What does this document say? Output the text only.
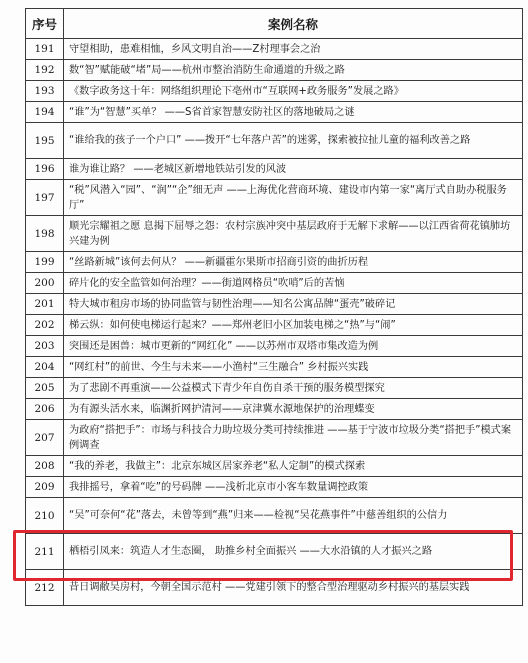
序号	案例名称
191	守望相助，患难相恤，乡风文明自治——Z村理事会之治
192	数“智”赋能破“堵”局——杭州市整治消防生命通道的升级之路
193	《数字政务这十年：网络组织理论下亳州市“互联网+政务服务”发展之路》
194	“谁”为“智慧”买单？ ——S省首家智慧安防社区的落地破局之谜
195	“谁给我的孩子一个户口” ——拨开“七年落户苦”的迷雾，探索被拉扯儿童的福利改善之路
196	谁为谁让路？ ——老城区新增地铁站引发的风波
197	“税”风潜入“园”、“润”“企”细无声 ——上海优化营商环境、建设市内第一家“离厅式自助办税服务厅”
198	顺光宗耀祖之愿 息揭下屈辱之怨：农村宗族冲突中基层政府于无解下求解——以江西省荷花镇肺坊兴建为例
199	“丝路新城”该何去何从？ ——新疆霍尔果斯市招商引资的曲折历程
200	碎片化的安全监管如何治理？——街道网格员“吹哨”后的苦恼
201	特大城市租房市场的协同监管与韧性治理——知名公寓品牌“蛋壳”破碎记
202	梯云纵：如何使电梯运行起来？——郑州老旧小区加装电梯之“热”与“闹”
203	突围还是困兽：城市更新的“网红化” ——以苏州市双塔市集改造为例
204	“网红村”的前世、今生与未来——小渔村“三生融合” 乡村振兴实践
205	为了悲剧不再重演——公益模式下青少年自伤自杀干预的服务模型探究
206	为有源头活水来，临渊折网护清河——京津冀水源地保护的治理蝶变
207	为政府“搭把手”：市场与科技合力助垃圾分类可持续推进 ——基于宁波市垃圾分类“搭把手”模式案例调查
208	“我的养老，我做主”：北京东城区居家养老“私人定制”的模式探索
209	我排摇号，拿着“吃”的号码牌 ——浅析北京市小客车数量调控政策
210	“吴”可奈何“花”落去，未曾等到“燕”归来——检视“吴花燕事件”中慈善组织的公信力
211	栖梧引凤来：筑造人才生态圈， 助推乡村全面振兴 ——大水沿镇的人才振兴之路
212	昔日调敝吴房村，今朝全国示范村 ——党建引领下的整合型治理驱动乡村振兴的基层实践
